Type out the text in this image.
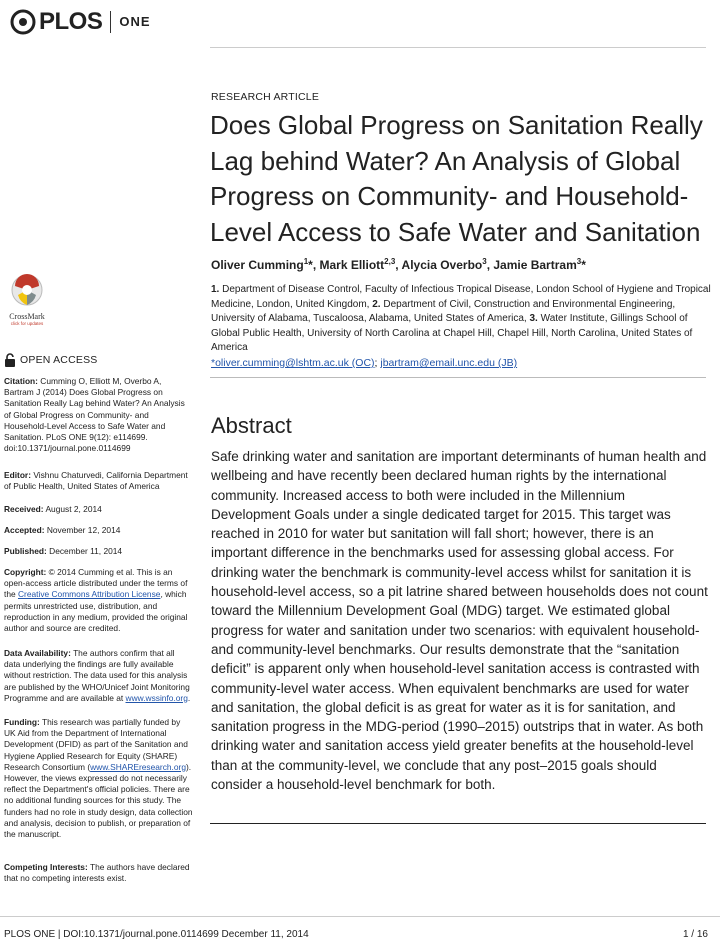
PLOS ONE
RESEARCH ARTICLE
Does Global Progress on Sanitation Really Lag behind Water? An Analysis of Global Progress on Community- and Household-Level Access to Safe Water and Sanitation
Oliver Cumming$^1$*, Mark Elliott$^{2,3}$, Alycia Overbo$^3$, Jamie Bartram$^3$*
1. Department of Disease Control, Faculty of Infectious Tropical Disease, London School of Hygiene and Tropical Medicine, London, United Kingdom, 2. Department of Civil, Construction and Environmental Engineering, University of Alabama, Tuscaloosa, Alabama, United States of America, 3. Water Institute, Gillings School of Global Public Health, University of North Carolina at Chapel Hill, Chapel Hill, North Carolina, United States of America
*oliver.cumming@lshtm.ac.uk (OC); jbartram@email.unc.edu (JB)
Abstract
Safe drinking water and sanitation are important determinants of human health and wellbeing and have recently been declared human rights by the international community. Increased access to both were included in the Millennium Development Goals under a single dedicated target for 2015. This target was reached in 2010 for water but sanitation will fall short; however, there is an important difference in the benchmarks used for assessing global access. For drinking water the benchmark is community-level access whilst for sanitation it is household-level access, so a pit latrine shared between households does not count toward the Millennium Development Goal (MDG) target. We estimated global progress for water and sanitation under two scenarios: with equivalent household- and community-level benchmarks. Our results demonstrate that the “sanitation deficit” is apparent only when household-level sanitation access is contrasted with community-level water access. When equivalent benchmarks are used for water and sanitation, the global deficit is as great for water as it is for sanitation, and sanitation progress in the MDG-period (1990–2015) outstrips that in water. As both drinking water and sanitation access yield greater benefits at the household-level than at the community-level, we conclude that any post–2015 goals should consider a household-level benchmark for both.
CrossMark
click for updates
OPEN ACCESS
Citation: Cumming O, Elliott M, Overbo A, Bartram J (2014) Does Global Progress on Sanitation Really Lag behind Water? An Analysis of Global Progress on Community- and Household-Level Access to Safe Water and Sanitation. PLoS ONE 9(12): e114699. doi:10.1371/journal.pone.0114699
Editor: Vishnu Chaturvedi, California Department of Public Health, United States of America
Received: August 2, 2014
Accepted: November 12, 2014
Published: December 11, 2014
Copyright: © 2014 Cumming et al. This is an open-access article distributed under the terms of the Creative Commons Attribution License, which permits unrestricted use, distribution, and reproduction in any medium, provided the original author and source are credited.
Data Availability: The authors confirm that all data underlying the findings are fully available without restriction. The data used for this analysis are published by the WHO/Unicef Joint Monitoring Programme and are available at www.wssinfo.org.
Funding: This research was partially funded by UK Aid from the Department of International Development (DFID) as part of the Sanitation and Hygiene Applied Research for Equity (SHARE) Research Consortium (www.SHAREresearch.org). However, the views expressed do not necessarily reflect the Department's official policies. There are no additional funding sources for this study. The funders had no role in study design, data collection and analysis, decision to publish, or preparation of the manuscript.
Competing Interests: The authors have declared that no competing interests exist.
PLOS ONE | DOI:10.1371/journal.pone.0114699 December 11, 2014	1 / 16
